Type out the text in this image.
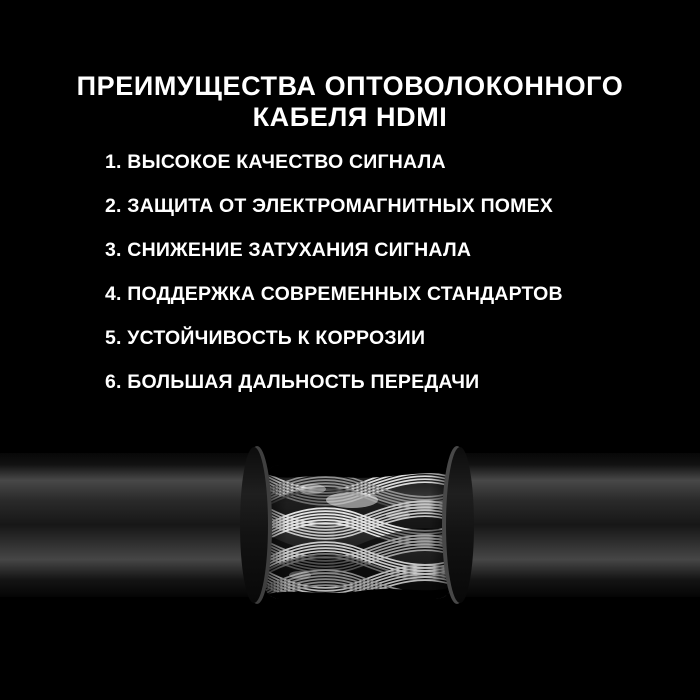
ПРЕИМУЩЕСТВА ОПТОВОЛОКОННОГО
КАБЕЛЯ HDMI
1. ВЫСОКОЕ КАЧЕСТВО СИГНАЛА
2. ЗАЩИТА ОТ ЭЛЕКТРОМАГНИТНЫХ ПОМЕХ
3. СНИЖЕНИЕ ЗАТУХАНИЯ СИГНАЛА
4. ПОДДЕРЖКА СОВРЕМЕННЫХ СТАНДАРТОВ
5. УСТОЙЧИВОСТЬ К КОРРОЗИИ
6. БОЛЬШАЯ ДАЛЬНОСТЬ ПЕРЕДАЧИ
